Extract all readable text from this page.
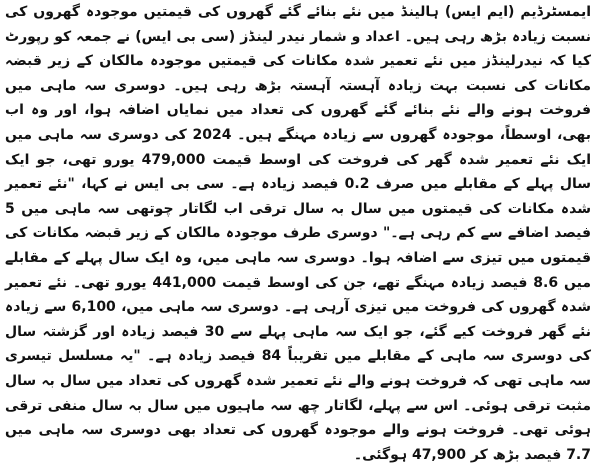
ایمسٹرڈیم (ایم ایس) ہالینڈ میں نئے بنائے گئے گھروں کی قیمتیں موجودہ گھروں کی نسبت زیادہ بڑھ رہی ہیں۔ اعداد و شمار نیدر لینڈز (سی بی ایس) نے جمعہ کو رپورٹ کیا کہ نیدرلینڈز میں نئے تعمیر شدہ مکانات کی قیمتیں موجودہ مالکان کے زیر قبضہ مکانات کی نسبت بہت زیادہ آہستہ آہستہ بڑھ رہی ہیں۔ دوسری سہ ماہی میں فروخت ہونے والے نئے بنائے گئے گھروں کی تعداد میں نمایاں اضافہ ہوا، اور وہ اب بھی، اوسطاً، موجودہ گھروں سے زیادہ مہنگے ہیں۔ 2024 کی دوسری سہ ماہی میں ایک نئے تعمیر شدہ گھر کی فروخت کی اوسط قیمت 479,000 یورو تھی، جو ایک سال پہلے کے مقابلے میں صرف 0.2 فیصد زیادہ ہے۔ سی بی ایس نے کہا، "نئے تعمیر شدہ مکانات کی قیمتوں میں سال بہ سال ترقی اب لگاتار چوتھی سہ ماہی میں 5 فیصد اضافے سے کم رہی ہے۔" دوسری طرف موجودہ مالکان کے زیر قبضہ مکانات کی قیمتوں میں تیزی سے اضافہ ہوا۔ دوسری سہ ماہی میں، وہ ایک سال پہلے کے مقابلے میں 8.6 فیصد زیادہ مہنگے تھے، جن کی اوسط قیمت 441,000 یورو تھی۔ نئے تعمیر شدہ گھروں کی فروخت میں تیزی آرہی ہے۔ دوسری سہ ماہی میں، 6,100 سے زیادہ نئے گھر فروخت کیے گئے، جو ایک سہ ماہی پہلے سے 30 فیصد زیادہ اور گزشتہ سال کی دوسری سہ ماہی کے مقابلے میں تقریباً 84 فیصد زیادہ ہے۔ "یہ مسلسل تیسری سہ ماہی تھی کہ فروخت ہونے والے نئے تعمیر شدہ گھروں کی تعداد میں سال بہ سال مثبت ترقی ہوئی۔ اس سے پہلے، لگاتار چھ سہ ماہیوں میں سال بہ سال منفی ترقی ہوئی تھی۔ فروخت ہونے والے موجودہ گھروں کی تعداد بھی دوسری سہ ماہی میں 7.7 فیصد بڑھ کر 47,900 ہوگئی۔
